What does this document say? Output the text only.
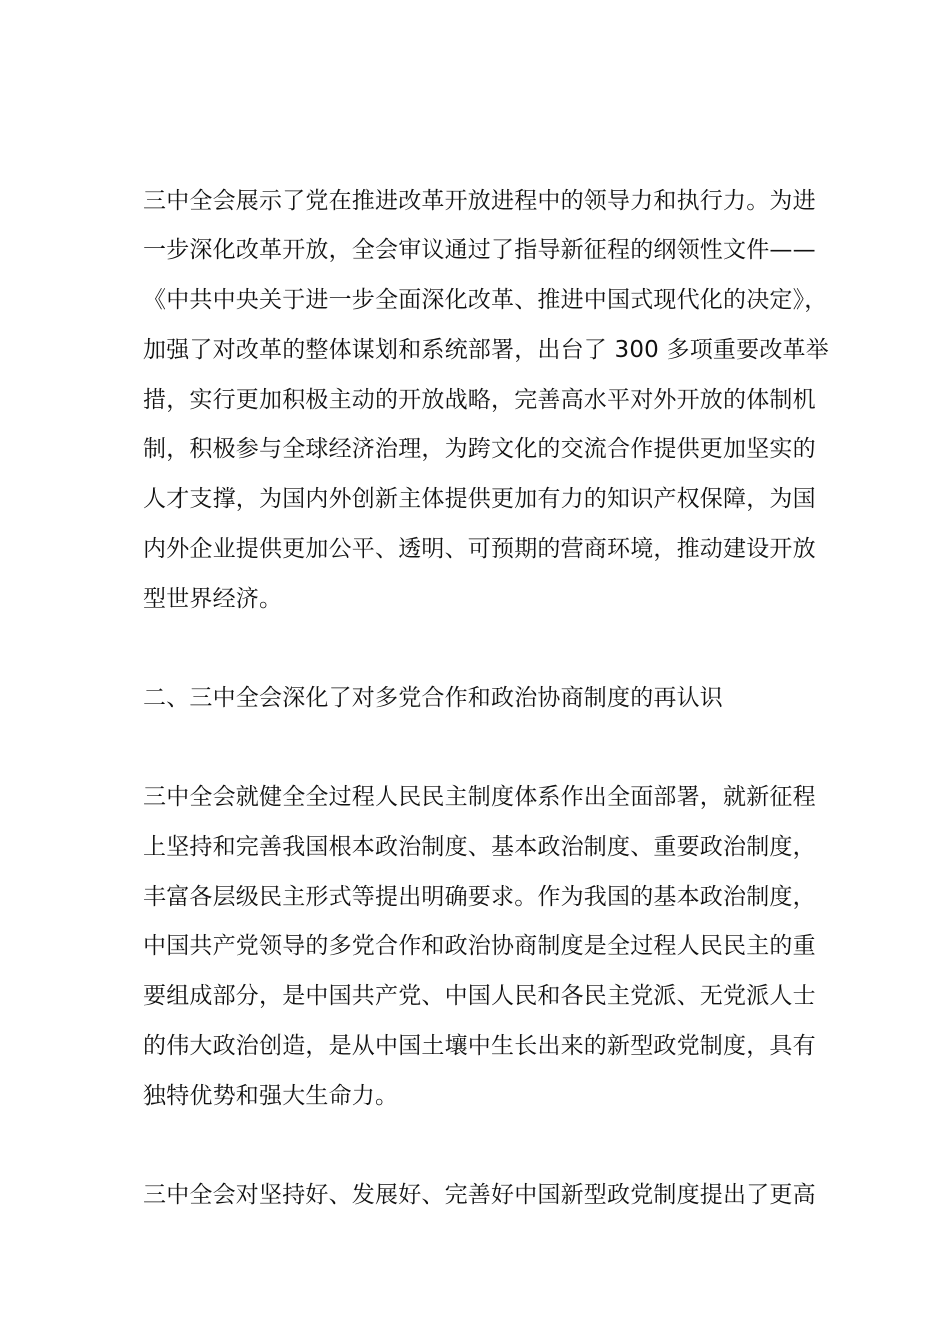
三中全会展示了党在推进改革开放进程中的领导力和执行力。为进
一步深化改革开放，全会审议通过了指导新征程的纲领性文件——
《中共中央关于进一步全面深化改革、推进中国式现代化的决定》，
加强了对改革的整体谋划和系统部署，出台了 300 多项重要改革举
措，实行更加积极主动的开放战略，完善高水平对外开放的体制机
制，积极参与全球经济治理，为跨文化的交流合作提供更加坚实的
人才支撑，为国内外创新主体提供更加有力的知识产权保障，为国
内外企业提供更加公平、透明、可预期的营商环境，推动建设开放
型世界经济。
二、三中全会深化了对多党合作和政治协商制度的再认识
三中全会就健全全过程人民民主制度体系作出全面部署，就新征程
上坚持和完善我国根本政治制度、基本政治制度、重要政治制度，
丰富各层级民主形式等提出明确要求。作为我国的基本政治制度，
中国共产党领导的多党合作和政治协商制度是全过程人民民主的重
要组成部分，是中国共产党、中国人民和各民主党派、无党派人士
的伟大政治创造，是从中国土壤中生长出来的新型政党制度，具有
独特优势和强大生命力。
三中全会对坚持好、发展好、完善好中国新型政党制度提出了更高
